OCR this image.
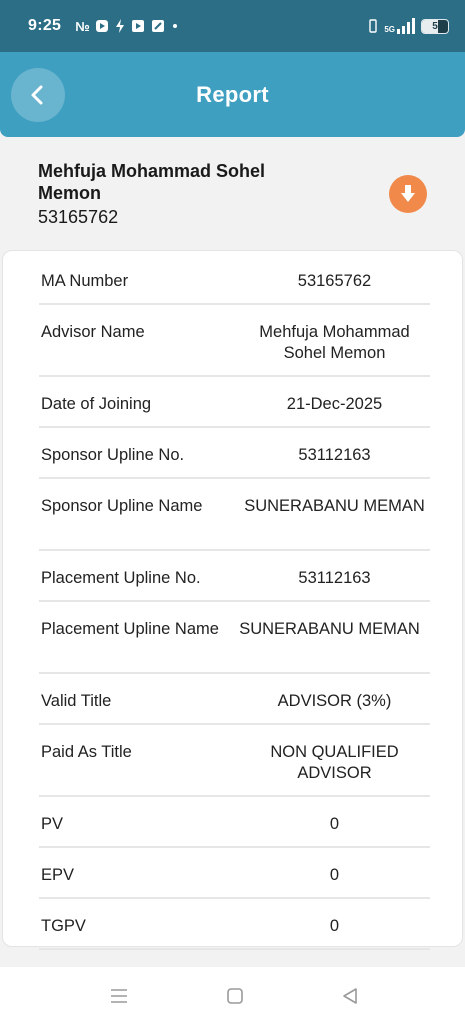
9:25 №	5G	5
Report
Mehfuja Mohammad Sohel Memon
53165762
MA Number	53165762
Advisor Name	Mehfuja Mohammad Sohel Memon
Date of Joining	21-Dec-2025
Sponsor Upline No.	53112163
Sponsor Upline Name	SUNERABANU MEMAN
Placement Upline No.	53112163
Placement Upline Name	SUNERABANU MEMAN
Valid Title	ADVISOR (3%)
Paid As Title	NON QUALIFIED ADVISOR
PV	0
EPV	0
TGPV	0
